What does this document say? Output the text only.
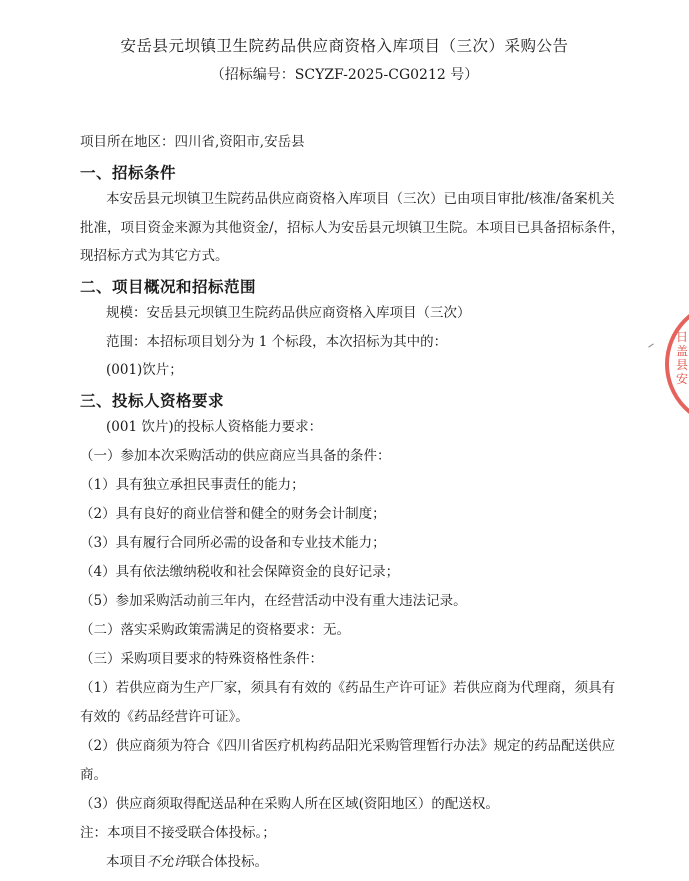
安岳县元坝镇卫生院药品供应商资格入库项目（三次）采购公告
（招标编号：SCYZF-2025-CG0212 号）
项目所在地区：四川省,资阳市,安岳县
一、招标条件
本安岳县元坝镇卫生院药品供应商资格入库项目（三次）已由项目审批/核准/备案机关
批准，项目资金来源为其他资金/，招标人为安岳县元坝镇卫生院。本项目已具备招标条件，
现招标方式为其它方式。
二、项目概况和招标范围
规模：安岳县元坝镇卫生院药品供应商资格入库项目（三次）
范围：本招标项目划分为 1 个标段，本次招标为其中的：
(001)饮片；
三、投标人资格要求
(001 饮片)的投标人资格能力要求：
（一）参加本次采购活动的供应商应当具备的条件：
（1）具有独立承担民事责任的能力；
（2）具有良好的商业信誉和健全的财务会计制度；
（3）具有履行合同所必需的设备和专业技术能力；
（4）具有依法缴纳税收和社会保障资金的良好记录；
（5）参加采购活动前三年内，在经营活动中没有重大违法记录。
（二）落实采购政策需满足的资格要求：无。
（三）采购项目要求的特殊资格性条件：
（1）若供应商为生产厂家，须具有有效的《药品生产许可证》若供应商为代理商，须具有
有效的《药品经营许可证》。
（2）供应商须为符合《四川省医疗机构药品阳光采购管理暂行办法》规定的药品配送供应
商。
（3）供应商须取得配送品种在采购人所在区域(资阳地区）的配送权。
注：本项目不接受联合体投标。；
本项目不允许联合体投标。
日 盖 县 安
